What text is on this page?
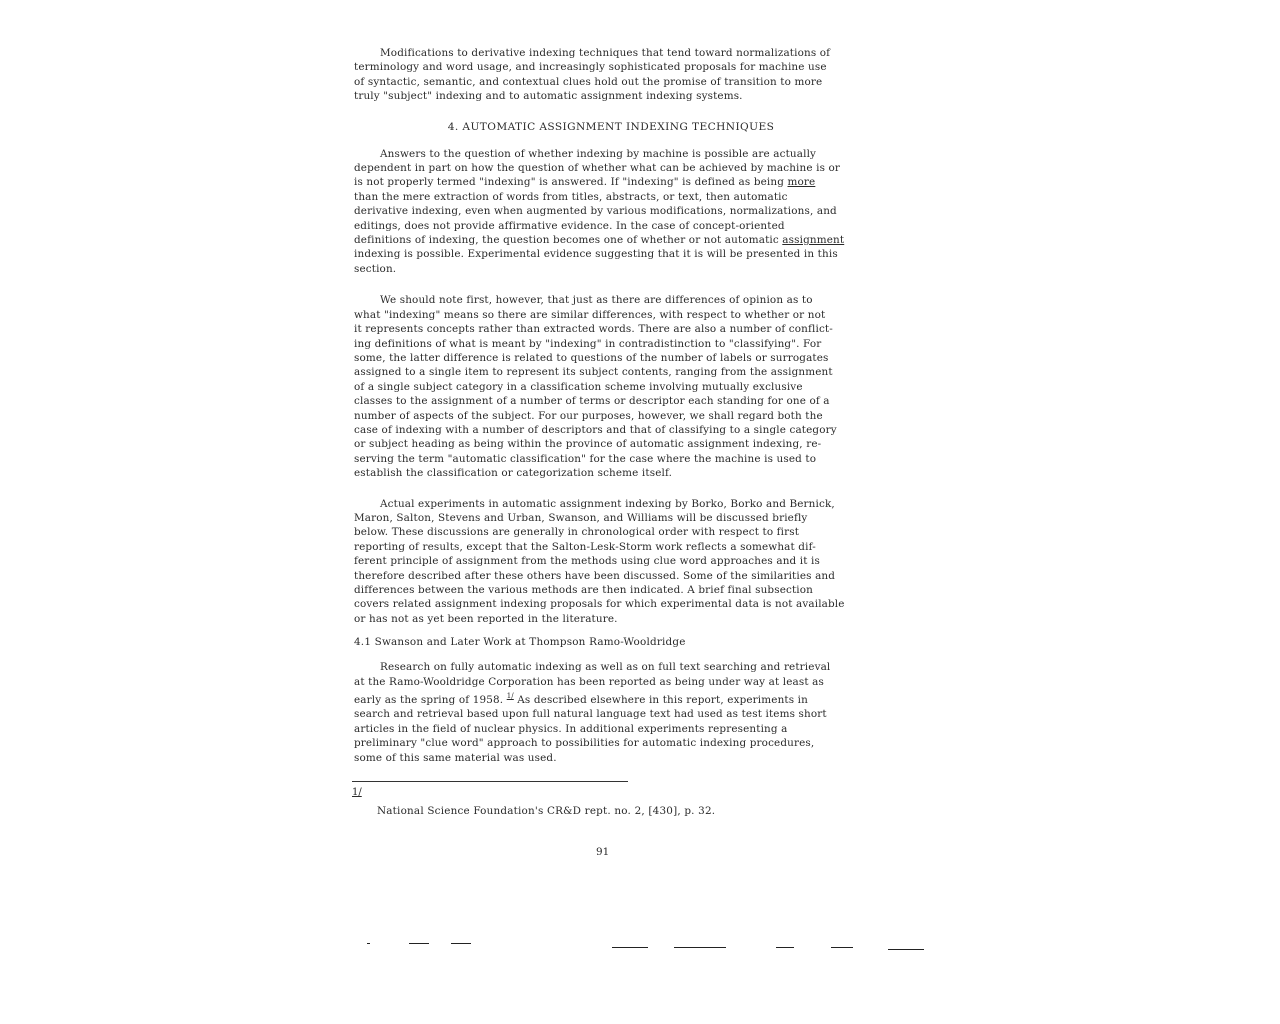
Modifications to derivative indexing techniques that tend toward normalizations of
terminology and word usage, and increasingly sophisticated proposals for machine use
of syntactic, semantic, and contextual clues hold out the promise of transition to more
truly "subject" indexing and to automatic assignment indexing systems.

4. AUTOMATIC ASSIGNMENT INDEXING TECHNIQUES

Answers to the question of whether indexing by machine is possible are actually
dependent in part on how the question of whether what can be achieved by machine is or
is not properly termed "indexing" is answered. If "indexing" is defined as being more
than the mere extraction of words from titles, abstracts, or text, then automatic
derivative indexing, even when augmented by various modifications, normalizations, and
editings, does not provide affirmative evidence. In the case of concept-oriented
definitions of indexing, the question becomes one of whether or not automatic assignment
indexing is possible. Experimental evidence suggesting that it is will be presented in this
section.

We should note first, however, that just as there are differences of opinion as to
what "indexing" means so there are similar differences, with respect to whether or not
it represents concepts rather than extracted words. There are also a number of conflict-
ing definitions of what is meant by "indexing" in contradistinction to "classifying". For
some, the latter difference is related to questions of the number of labels or surrogates
assigned to a single item to represent its subject contents, ranging from the assignment
of a single subject category in a classification scheme involving mutually exclusive
classes to the assignment of a number of terms or descriptor each standing for one of a
number of aspects of the subject. For our purposes, however, we shall regard both the
case of indexing with a number of descriptors and that of classifying to a single category
or subject heading as being within the province of automatic assignment indexing, re-
serving the term "automatic classification" for the case where the machine is used to
establish the classification or categorization scheme itself.

Actual experiments in automatic assignment indexing by Borko, Borko and Bernick,
Maron, Salton, Stevens and Urban, Swanson, and Williams will be discussed briefly
below. These discussions are generally in chronological order with respect to first
reporting of results, except that the Salton-Lesk-Storm work reflects a somewhat dif-
ferent principle of assignment from the methods using clue word approaches and it is
therefore described after these others have been discussed. Some of the similarities and
differences between the various methods are then indicated. A brief final subsection
covers related assignment indexing proposals for which experimental data is not available
or has not as yet been reported in the literature.

4.1 Swanson and Later Work at Thompson Ramo-Wooldridge

Research on fully automatic indexing as well as on full text searching and retrieval
at the Ramo-Wooldridge Corporation has been reported as being under way at least as
early as the spring of 1958. $^{1/}$ As described elsewhere in this report, experiments in
search and retrieval based upon full natural language text had used as test items short
articles in the field of nuclear physics. In additional experiments representing a
preliminary "clue word" approach to possibilities for automatic indexing procedures,
some of this same material was used.

1/
National Science Foundation's CR&D rept. no. 2, [430], p. 32.
91
